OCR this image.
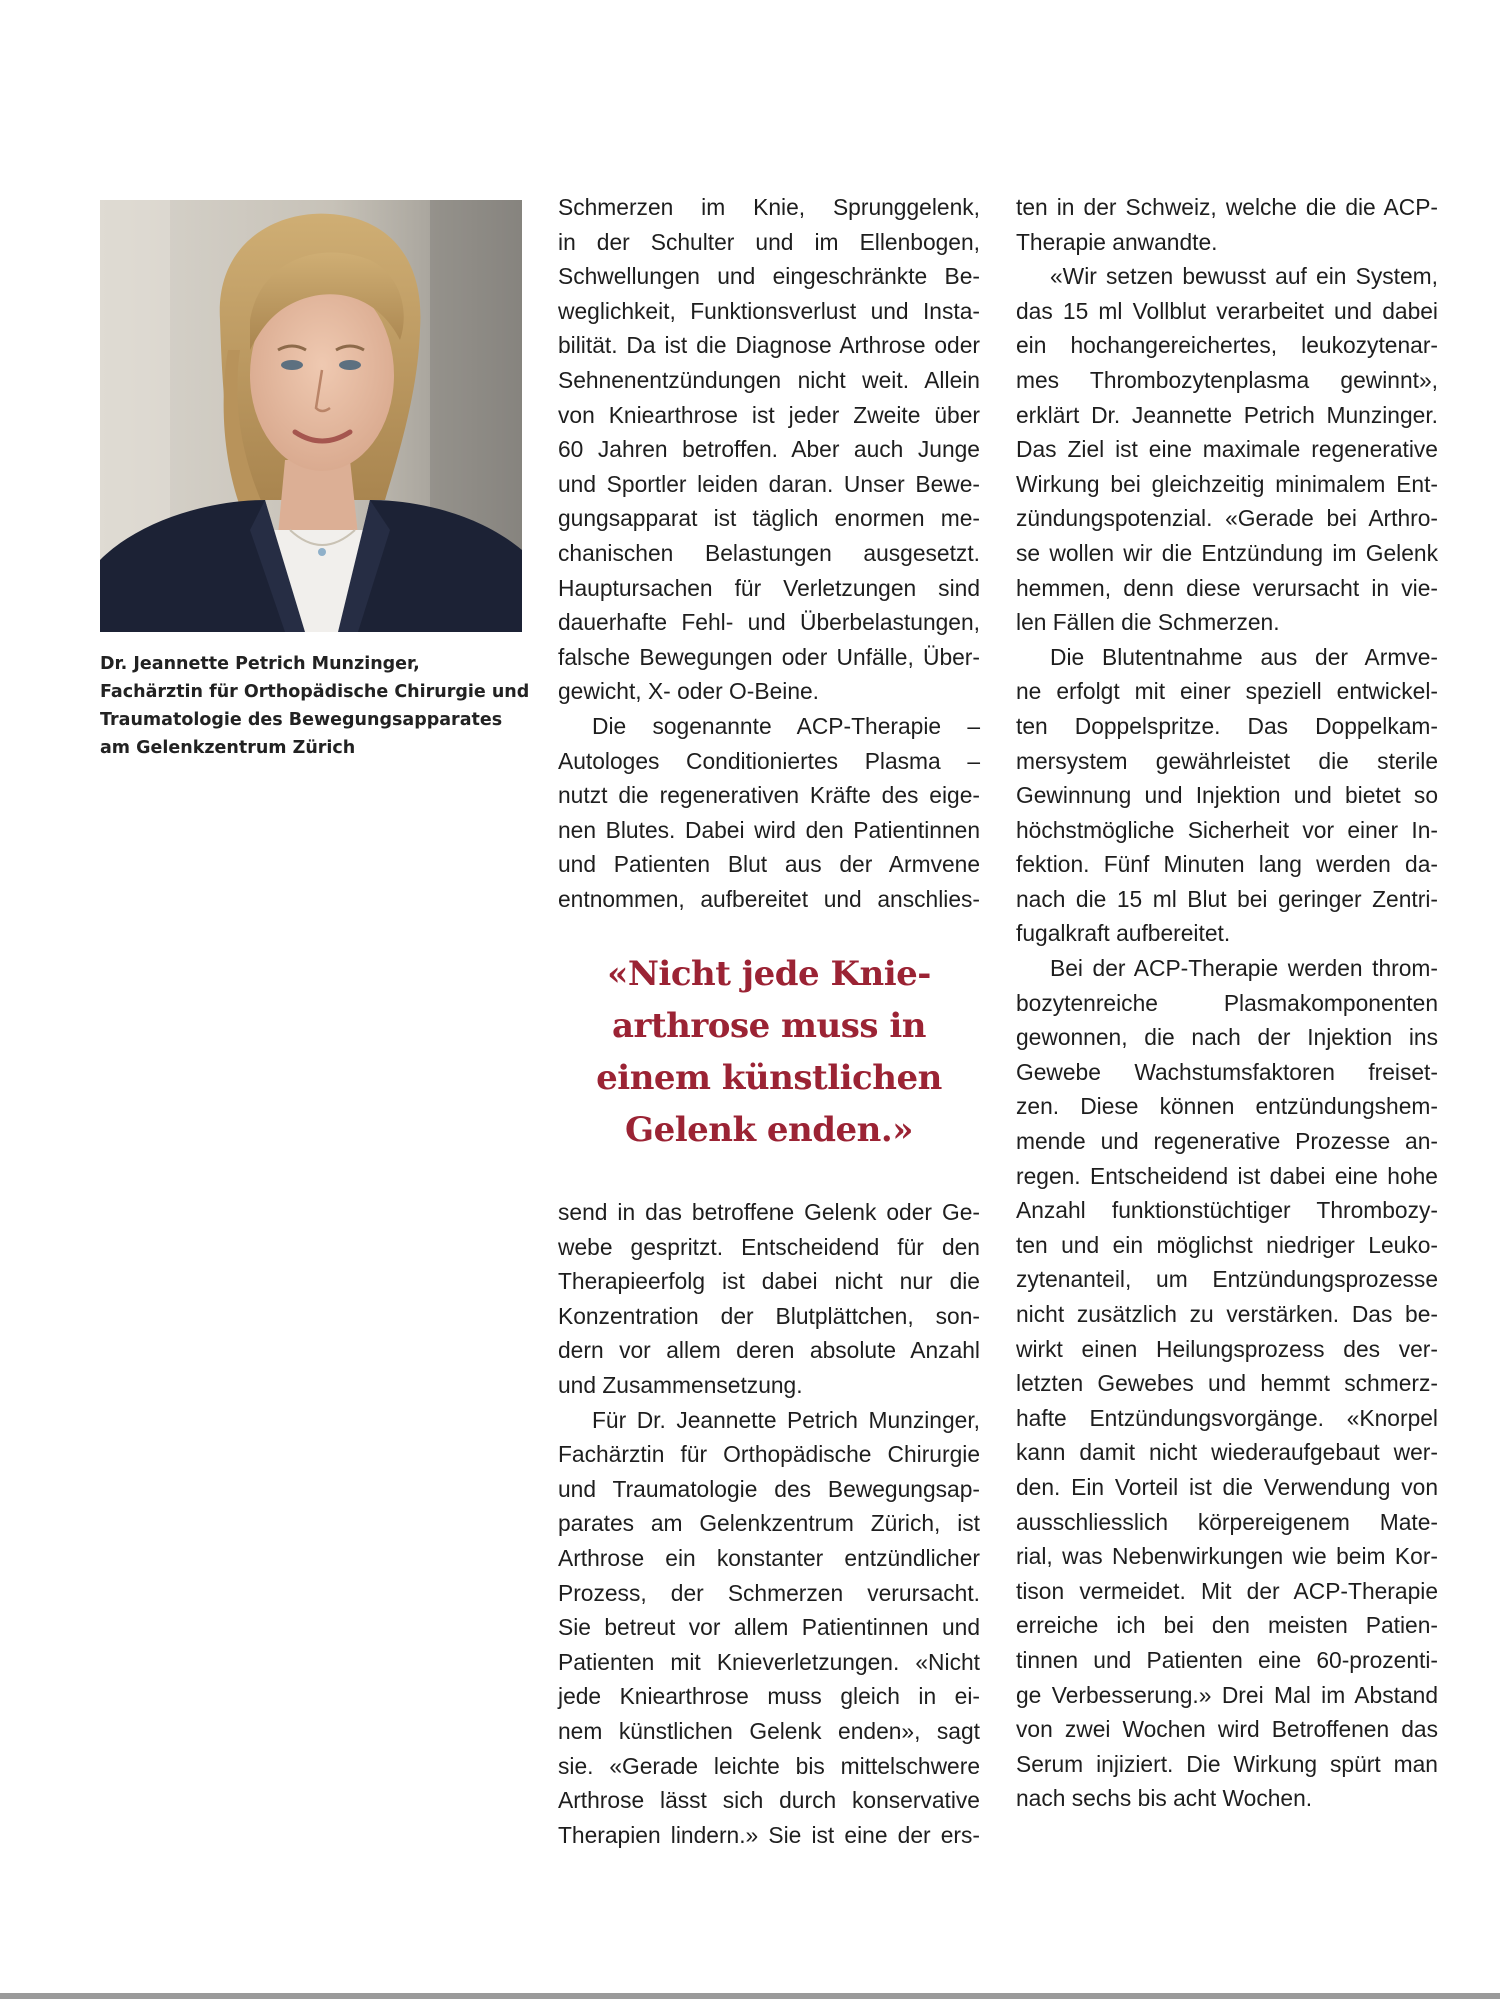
Dr. Jeannette Petrich Munzinger,
Fachärztin für Orthopädische Chirurgie und
Traumatologie des Bewegungsapparates
am Gelenkzentrum Zürich
Schmerzen im Knie, Sprunggelenk,
in der Schulter und im Ellenbogen,
Schwellungen und eingeschränkte Be-
weglichkeit, Funktionsverlust und Insta-
bilität. Da ist die Diagnose Arthrose oder
Sehnenentzündungen nicht weit. Allein
von Kniearthrose ist jeder Zweite über
60 Jahren betroffen. Aber auch Junge
und Sportler leiden daran. Unser Bewe-
gungsapparat ist täglich enormen me-
chanischen Belastungen ausgesetzt.
Hauptursachen für Verletzungen sind
dauerhafte Fehl- und Überbelastungen,
falsche Bewegungen oder Unfälle, Über-
gewicht, X- oder O-Beine.
Die sogenannte ACP-Therapie –
Autologes Conditioniertes Plasma –
nutzt die regenerativen Kräfte des eige-
nen Blutes. Dabei wird den Patientinnen
und Patienten Blut aus der Armvene
entnommen, aufbereitet und anschlies-
«Nicht jede Knie-
arthrose muss in
einem künstlichen
Gelenk enden.»
send in das betroffene Gelenk oder Ge-
webe gespritzt. Entscheidend für den
Therapieerfolg ist dabei nicht nur die
Konzentration der Blutplättchen, son-
dern vor allem deren absolute Anzahl
und Zusammensetzung.
Für Dr. Jeannette Petrich Munzinger,
Fachärztin für Orthopädische Chirurgie
und Traumatologie des Bewegungsap-
parates am Gelenkzentrum Zürich, ist
Arthrose ein konstanter entzündlicher
Prozess, der Schmerzen verursacht.
Sie betreut vor allem Patientinnen und
Patienten mit Knieverletzungen. «Nicht
jede Kniearthrose muss gleich in ei-
nem künstlichen Gelenk enden», sagt
sie. «Gerade leichte bis mittelschwere
Arthrose lässt sich durch konservative
Therapien lindern.» Sie ist eine der ers-
ten in der Schweiz, welche die die ACP-
Therapie anwandte.
«Wir setzen bewusst auf ein System,
das 15 ml Vollblut verarbeitet und dabei
ein hochangereichertes, leukozytenar-
mes Thrombozytenplasma gewinnt»,
erklärt Dr. Jeannette Petrich Munzinger.
Das Ziel ist eine maximale regenerative
Wirkung bei gleichzeitig minimalem Ent-
zündungspotenzial. «Gerade bei Arthro-
se wollen wir die Entzündung im Gelenk
hemmen, denn diese verursacht in vie-
len Fällen die Schmerzen.
Die Blutentnahme aus der Armve-
ne erfolgt mit einer speziell entwickel-
ten Doppelspritze. Das Doppelkam-
mersystem gewährleistet die sterile
Gewinnung und Injektion und bietet so
höchstmögliche Sicherheit vor einer In-
fektion. Fünf Minuten lang werden da-
nach die 15 ml Blut bei geringer Zentri-
fugalkraft aufbereitet.
Bei der ACP-Therapie werden throm-
bozytenreiche Plasmakomponenten
gewonnen, die nach der Injektion ins
Gewebe Wachstumsfaktoren freiset-
zen. Diese können entzündungshem-
mende und regenerative Prozesse an-
regen. Entscheidend ist dabei eine hohe
Anzahl funktionstüchtiger Thrombozy-
ten und ein möglichst niedriger Leuko-
zytenanteil, um Entzündungsprozesse
nicht zusätzlich zu verstärken. Das be-
wirkt einen Heilungsprozess des ver-
letzten Gewebes und hemmt schmerz-
hafte Entzündungsvorgänge. «Knorpel
kann damit nicht wiederaufgebaut wer-
den. Ein Vorteil ist die Verwendung von
ausschliesslich körpereigenem Mate-
rial, was Nebenwirkungen wie beim Kor-
tison vermeidet. Mit der ACP-Therapie
erreiche ich bei den meisten Patien-
tinnen und Patienten eine 60-prozenti-
ge Verbesserung.» Drei Mal im Abstand
von zwei Wochen wird Betroffenen das
Serum injiziert. Die Wirkung spürt man
nach sechs bis acht Wochen.
